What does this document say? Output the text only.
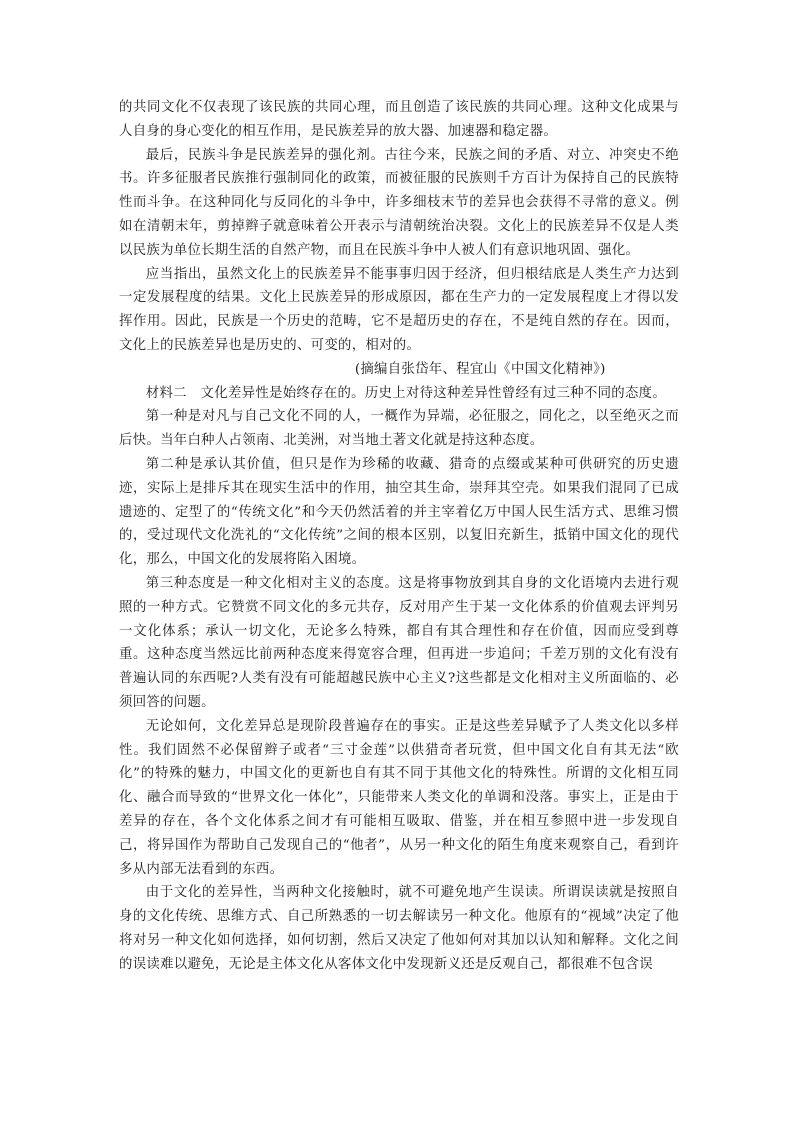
的共同文化不仅表现了该民族的共同心理，而且创造了该民族的共同心理。这种文化成果与人自身的身心变化的相互作用，是民族差异的放大器、加速器和稳定器。

最后，民族斗争是民族差异的强化剂。古往今来，民族之间的矛盾、对立、冲突史不绝书。许多征服者民族推行强制同化的政策，而被征服的民族则千方百计为保持自己的民族特性而斗争。在这种同化与反同化的斗争中，许多细枝末节的差异也会获得不寻常的意义。例如在清朝末年，剪掉辫子就意味着公开表示与清朝统治决裂。文化上的民族差异不仅是人类以民族为单位长期生活的自然产物，而且在民族斗争中人被人们有意识地巩固、强化。

应当指出，虽然文化上的民族差异不能事事归因于经济，但归根结底是人类生产力达到一定发展程度的结果。文化上民族差异的形成原因，都在生产力的一定发展程度上才得以发挥作用。因此，民族是一个历史的范畴，它不是超历史的存在，不是纯自然的存在。因而，文化上的民族差异也是历史的、可变的，相对的。

(摘编自张岱年、程宜山《中国文化精神》)

材料二　文化差异性是始终存在的。历史上对待这种差异性曾经有过三种不同的态度。

第一种是对凡与自己文化不同的人，一概作为异端，必征服之，同化之，以至绝灭之而后快。当年白种人占领南、北美洲，对当地土著文化就是持这种态度。

第二种是承认其价值，但只是作为珍稀的收藏、猎奇的点缀或某种可供研究的历史遗迹，实际上是排斥其在现实生活中的作用，抽空其生命，崇拜其空壳。如果我们混同了已成遗迹的、定型了的“传统文化”和今天仍然活着的并主宰着亿万中国人民生活方式、思维习惯的，受过现代文化洗礼的“文化传统”之间的根本区别，以复旧充新生，抵销中国文化的现代化，那么，中国文化的发展将陷入困境。

第三种态度是一种文化相对主义的态度。这是将事物放到其自身的文化语境内去进行观照的一种方式。它赞赏不同文化的多元共存，反对用产生于某一文化体系的价值观去评判另一文化体系；承认一切文化，无论多么特殊，都自有其合理性和存在价值，因而应受到尊重。这种态度当然远比前两种态度来得宽容合理，但再进一步追问；千差万别的文化有没有普遍认同的东西呢?人类有没有可能超越民族中心主义?这些都是文化相对主义所面临的、必须回答的问题。

无论如何，文化差异总是现阶段普遍存在的事实。正是这些差异赋予了人类文化以多样性。我们固然不必保留辫子或者“三寸金莲”以供猎奇者玩赏，但中国文化自有其无法“欧化”的特殊的魅力，中国文化的更新也自有其不同于其他文化的特殊性。所谓的文化相互同化、融合而导致的“世界文化一体化”，只能带来人类文化的单调和没落。事实上，正是由于差异的存在，各个文化体系之间才有可能相互吸取、借鉴，并在相互参照中进一步发现自己，将异国作为帮助自己发现自己的“他者”，从另一种文化的陌生角度来观察自己，看到许多从内部无法看到的东西。

由于文化的差异性，当两种文化接触时，就不可避免地产生误读。所谓误读就是按照自身的文化传统、思维方式、自己所熟悉的一切去解读另一种文化。他原有的“视域”决定了他将对另一种文化如何选择，如何切割，然后又决定了他如何对其加以认知和解释。文化之间的误读难以避免，无论是主体文化从客体文化中发现新义还是反观自己，都很难不包含误
